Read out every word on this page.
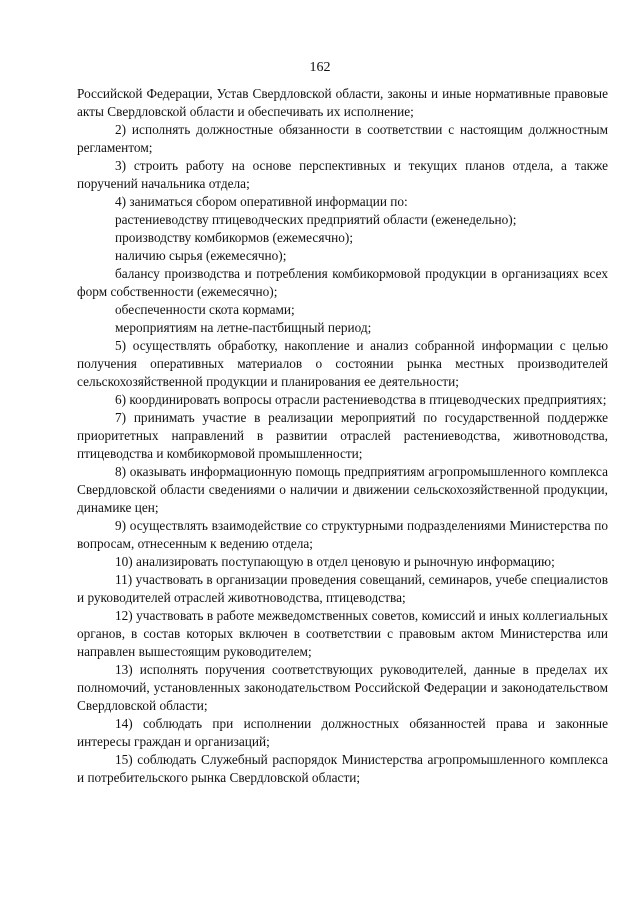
162

Российской Федерации, Устав Свердловской области, законы и иные нормативные правовые акты Свердловской области и обеспечивать их исполнение;

2) исполнять должностные обязанности в соответствии с настоящим должностным регламентом;

3) строить работу на основе перспективных и текущих планов отдела, а также поручений начальника отдела;

4) заниматься сбором оперативной информации по:

растениеводству птицеводческих предприятий области (еженедельно);

производству комбикормов (ежемесячно);

наличию сырья (ежемесячно);

балансу производства и потребления комбикормовой продукции в организациях всех форм собственности (ежемесячно);

обеспеченности скота кормами;

мероприятиям на летне-пастбищный период;

5) осуществлять обработку, накопление и анализ собранной информации с целью получения оперативных материалов о состоянии рынка местных производителей сельскохозяйственной продукции и планирования ее деятельности;

6) координировать вопросы отрасли растениеводства в птицеводческих предприятиях;

7) принимать участие в реализации мероприятий по государственной поддержке приоритетных направлений в развитии отраслей растениеводства, животноводства, птицеводства и комбикормовой промышленности;

8) оказывать информационную помощь предприятиям агропромышленного комплекса Свердловской области сведениями о наличии и движении сельскохозяйственной продукции, динамике цен;

9) осуществлять взаимодействие со структурными подразделениями Министерства по вопросам, отнесенным к ведению отдела;

10) анализировать поступающую в отдел ценовую и рыночную информацию;

11) участвовать в организации проведения совещаний, семинаров, учебе специалистов и руководителей отраслей животноводства, птицеводства;

12) участвовать в работе межведомственных советов, комиссий и иных коллегиальных органов, в состав которых включен в соответствии с правовым актом Министерства или направлен вышестоящим руководителем;

13) исполнять поручения соответствующих руководителей, данные в пределах их полномочий, установленных законодательством Российской Федерации и законодательством Свердловской области;

14) соблюдать при исполнении должностных обязанностей права и законные интересы граждан и организаций;

15) соблюдать Служебный распорядок Министерства агропромышленного комплекса и потребительского рынка Свердловской области;
